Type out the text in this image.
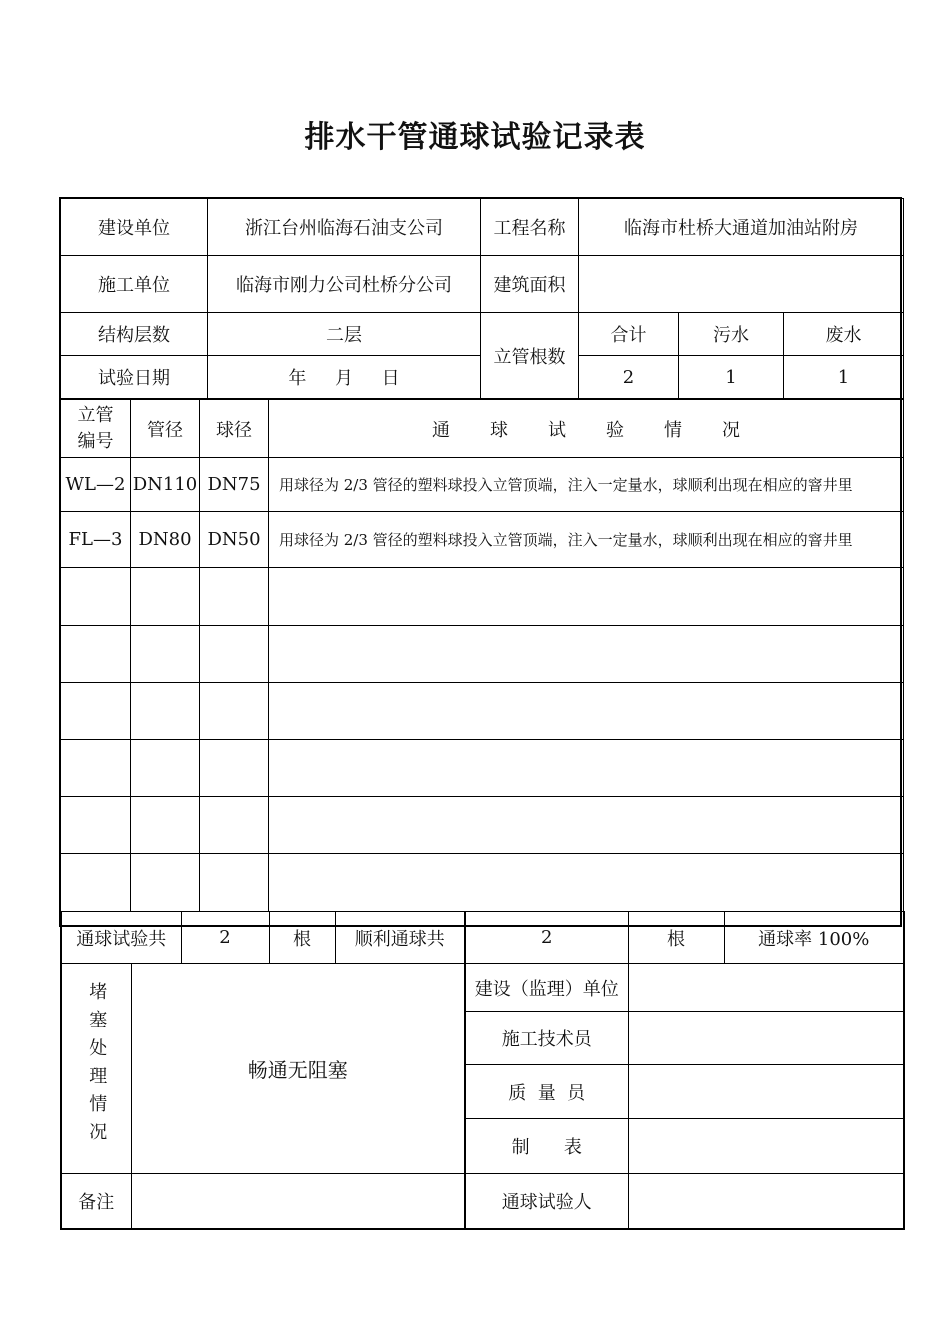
排水干管通球试验记录表
建设单位	浙江台州临海石油支公司	工程名称	临海市杜桥大通道加油站附房		
施工单位	临海市刚力公司杜桥分公司	建筑面积			
结构层数	二层	立管根数	合计	污水	废水
试验日期	年     月     日		2	1	1
立管
编号	管径	球径	通球试验情况
WL—2	DN110	DN75	用球径为 2/3 管径的塑料球投入立管顶端，注入一定量水，球顺利出现在相应的窨井里
FL—3	DN80	DN50	用球径为 2/3 管径的塑料球投入立管顶端，注入一定量水，球顺利出现在相应的窨井里

通球试验共		2	根	顺利通球共	2	根	通球率 100%
堵塞处理情况	畅通无阻塞				建设（监理）单位		
					施工技术员		
					质  量  员		
					制      表		
备注					通球试验人		
